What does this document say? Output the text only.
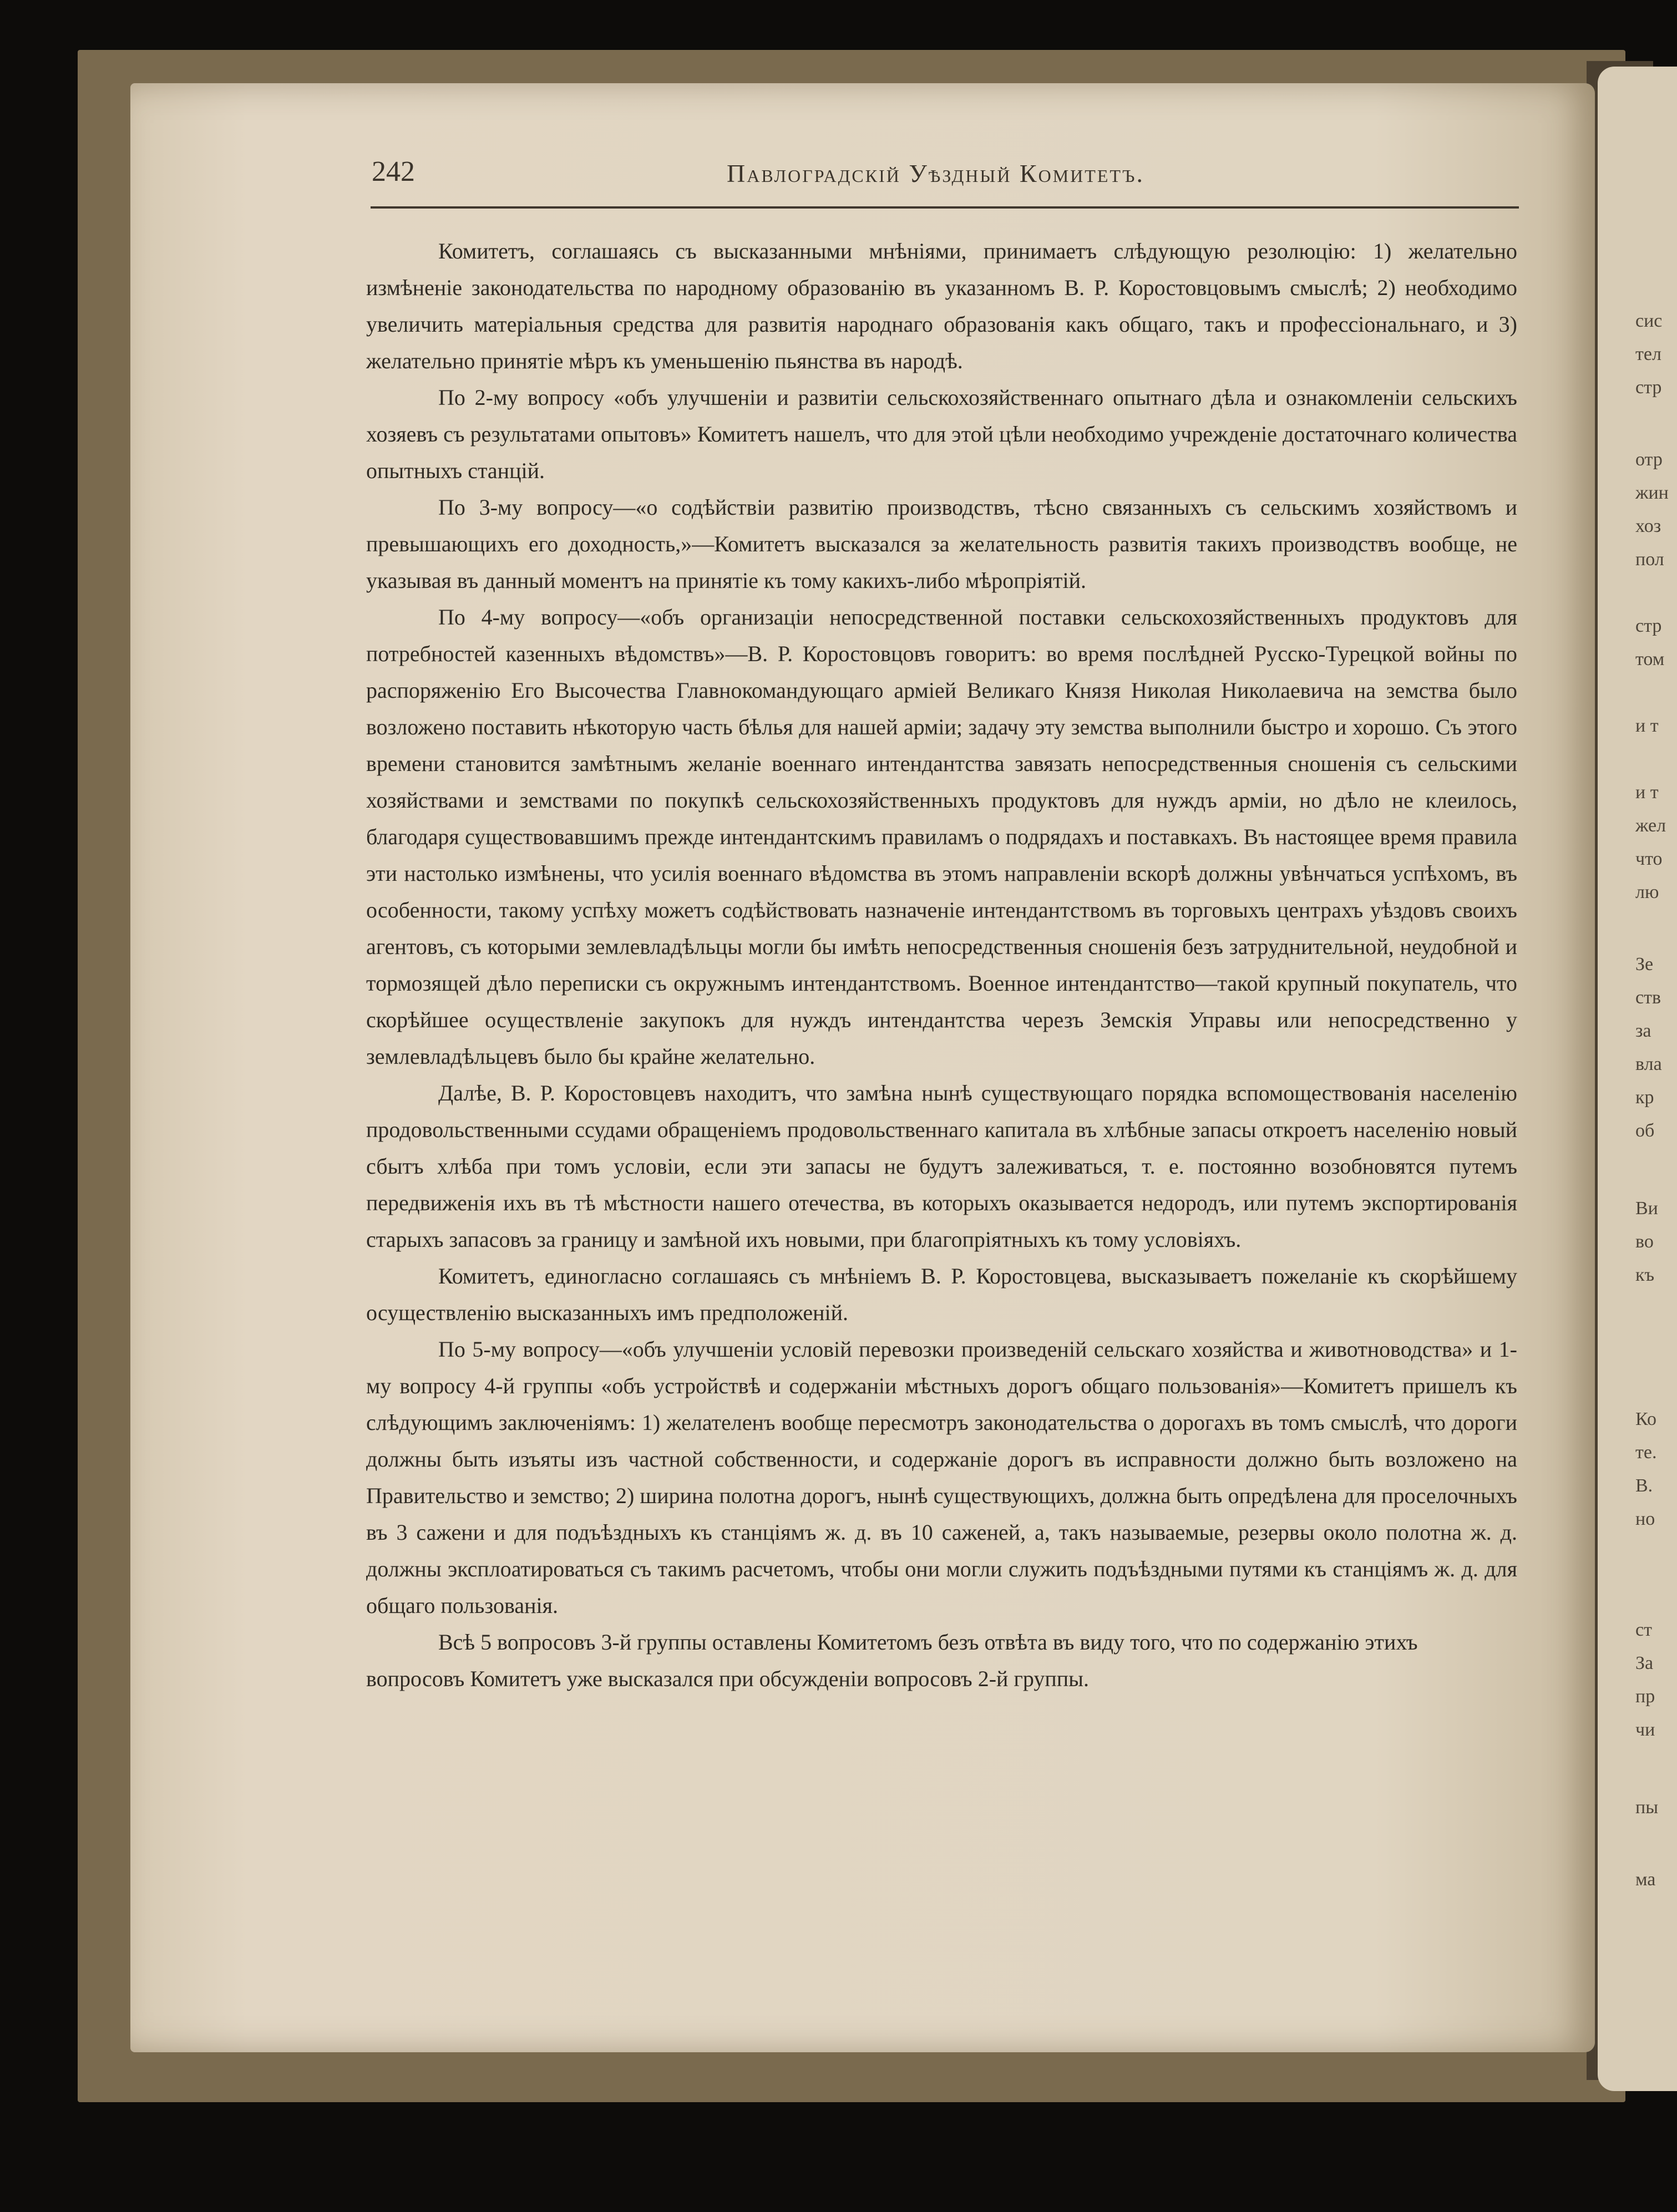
сис
тел
стр
отр
жин
хоз
пол
стр
том
и т
и т
жел
что
лю
Зе
ств
за
вла
кр
об
Ви
во
къ
Ко
те.
В.
но
ст
За
пр
чи
пы
ма
242	Павлоградскій Уѣздный Комитетъ.

Комитетъ, соглашаясь съ высказанными мнѣніями, принимаетъ слѣдующую резолюцію: 1) желательно измѣненіе законодательства по народному образованію въ указанномъ В. Р. Коростовцовымъ смыслѣ; 2) необходимо увеличить матеріальныя средства для развитія народнаго образованія какъ общаго, такъ и профессіональнаго, и 3) желательно принятіе мѣръ къ уменьшенію пьянства въ народѣ.

По 2-му вопросу «объ улучшеніи и развитіи сельскохозяйственнаго опытнаго дѣла и ознакомленіи сельскихъ хозяевъ съ результатами опытовъ» Комитетъ нашелъ, что для этой цѣли необходимо учрежденіе достаточнаго количества опытныхъ станцій.

По 3-му вопросу—«о содѣйствіи развитію производствъ, тѣсно связанныхъ съ сельскимъ хозяйствомъ и превышающихъ его доходность,»—Комитетъ высказался за желательность развитія такихъ производствъ вообще, не указывая въ данный моментъ на принятіе къ тому какихъ-либо мѣропріятій.

По 4-му вопросу—«объ организаціи непосредственной поставки сельскохозяйственныхъ продуктовъ для потребностей казенныхъ вѣдомствъ»—В. Р. Коростовцовъ говоритъ: во время послѣдней Русско-Турецкой войны по распоряженію Его Высочества Главнокомандующаго арміей Великаго Князя Николая Николаевича на земства было возложено поставить нѣкоторую часть бѣлья для нашей арміи; задачу эту земства выполнили быстро и хорошо. Съ этого времени становится замѣтнымъ желаніе военнаго интендантства завязать непосредственныя сношенія съ сельскими хозяйствами и земствами по покупкѣ сельскохозяйственныхъ продуктовъ для нуждъ арміи, но дѣло не клеилось, благодаря существовавшимъ прежде интендантскимъ правиламъ о подрядахъ и поставкахъ. Въ настоящее время правила эти настолько измѣнены, что усилія военнаго вѣдомства въ этомъ направленіи вскорѣ должны увѣнчаться успѣхомъ, въ особенности, такому успѣху можетъ содѣйствовать назначеніе интендантствомъ въ торговыхъ центрахъ уѣздовъ своихъ агентовъ, съ которыми землевладѣльцы могли бы имѣть непосредственныя сношенія безъ затруднительной, неудобной и тормозящей дѣло переписки съ окружнымъ интендантствомъ. Военное интендантство—такой крупный покупатель, что скорѣйшее осуществленіе закупокъ для нуждъ интендантства черезъ Земскія Управы или непосредственно у землевладѣльцевъ было бы крайне желательно.

Далѣе, В. Р. Коростовцевъ находитъ, что замѣна нынѣ существующаго порядка вспомоществованія населенію продовольственными ссудами обращеніемъ продовольственнаго капитала въ хлѣбные запасы откроетъ населенію новый сбытъ хлѣба при томъ условіи, если эти запасы не будутъ залеживаться, т. е. постоянно возобновятся путемъ передвиженія ихъ въ тѣ мѣстности нашего отечества, въ которыхъ оказывается недородъ, или путемъ экспортированія старыхъ запасовъ за границу и замѣной ихъ новыми, при благопріятныхъ къ тому условіяхъ.

Комитетъ, единогласно соглашаясь съ мнѣніемъ В. Р. Коростовцева, высказываетъ пожеланіе къ скорѣйшему осуществленію высказанныхъ имъ предположеній.

По 5-му вопросу—«объ улучшеніи условій перевозки произведеній сельскаго хозяйства и животноводства» и 1-му вопросу 4-й группы «объ устройствѣ и содержаніи мѣстныхъ дорогъ общаго пользованія»—Комитетъ пришелъ къ слѣдующимъ заключеніямъ: 1) желателенъ вообще пересмотръ законодательства о дорогахъ въ томъ смыслѣ, что дороги должны быть изъяты изъ частной собственности, и содержаніе дорогъ въ исправности должно быть возложено на Правительство и земство; 2) ширина полотна дорогъ, нынѣ существующихъ, должна быть опредѣлена для проселочныхъ въ 3 сажени и для подъѣздныхъ къ станціямъ ж. д. въ 10 саженей, а, такъ называемые, резервы около полотна ж. д. должны эксплоатироваться съ такимъ расчетомъ, чтобы они могли служить подъѣздными путями къ станціямъ ж. д. для общаго пользованія.

Всѣ 5 вопросовъ 3-й группы оставлены Комитетомъ безъ отвѣта въ виду того, что по содержанію этихъ вопросовъ Комитетъ уже высказался при обсужденіи вопросовъ 2-й группы.
